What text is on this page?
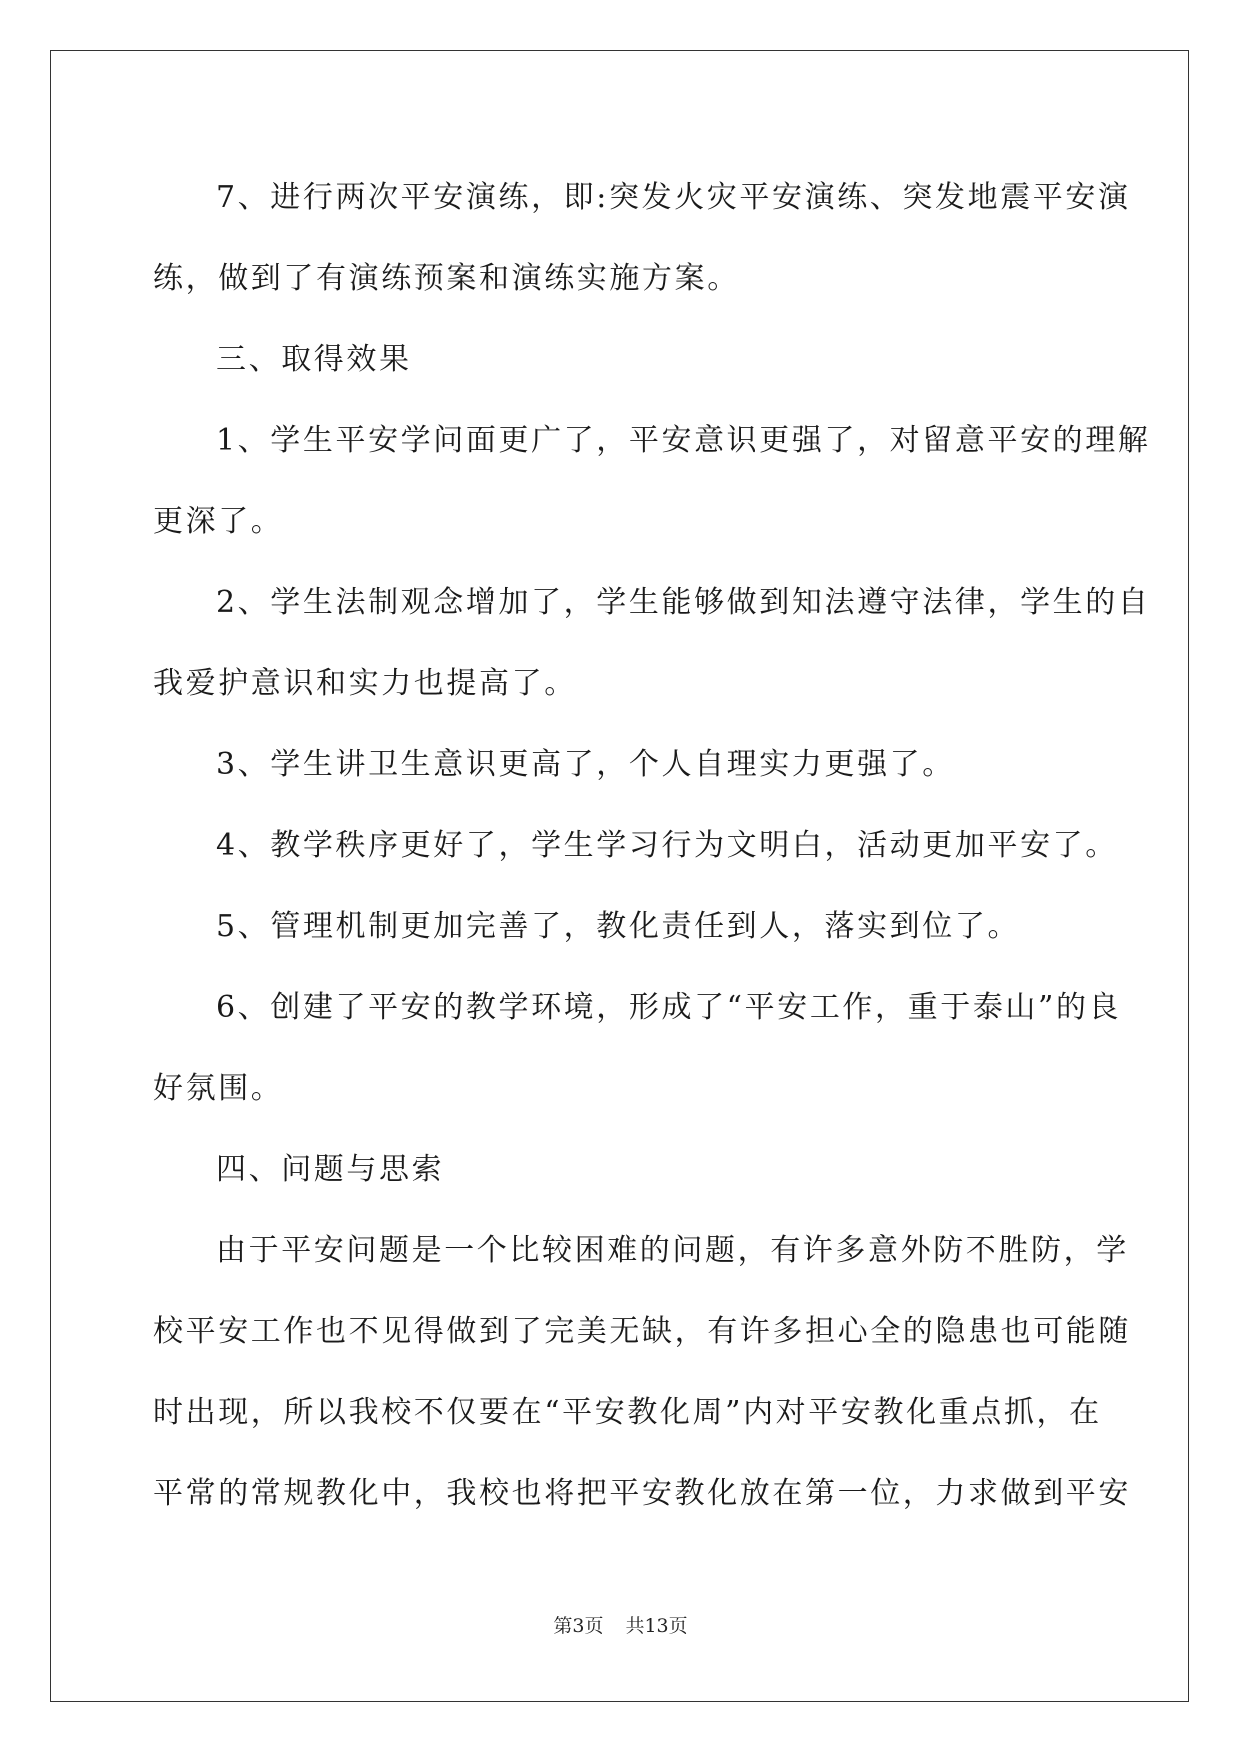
7、进行两次平安演练，即:突发火灾平安演练、突发地震平安演
练，做到了有演练预案和演练实施方案。

三、取得效果

1、学生平安学问面更广了，平安意识更强了，对留意平安的理解
更深了。

2、学生法制观念增加了，学生能够做到知法遵守法律，学生的自
我爱护意识和实力也提高了。

3、学生讲卫生意识更高了，个人自理实力更强了。

4、教学秩序更好了，学生学习行为文明白，活动更加平安了。

5、管理机制更加完善了，教化责任到人，落实到位了。

6、创建了平安的教学环境，形成了“平安工作，重于泰山”的良
好氛围。

四、问题与思索

由于平安问题是一个比较困难的问题，有许多意外防不胜防，学
校平安工作也不见得做到了完美无缺，有许多担心全的隐患也可能随
时出现，所以我校不仅要在“平安教化周”内对平安教化重点抓，在
平常的常规教化中，我校也将把平安教化放在第一位，力求做到平安

第3页 共13页
